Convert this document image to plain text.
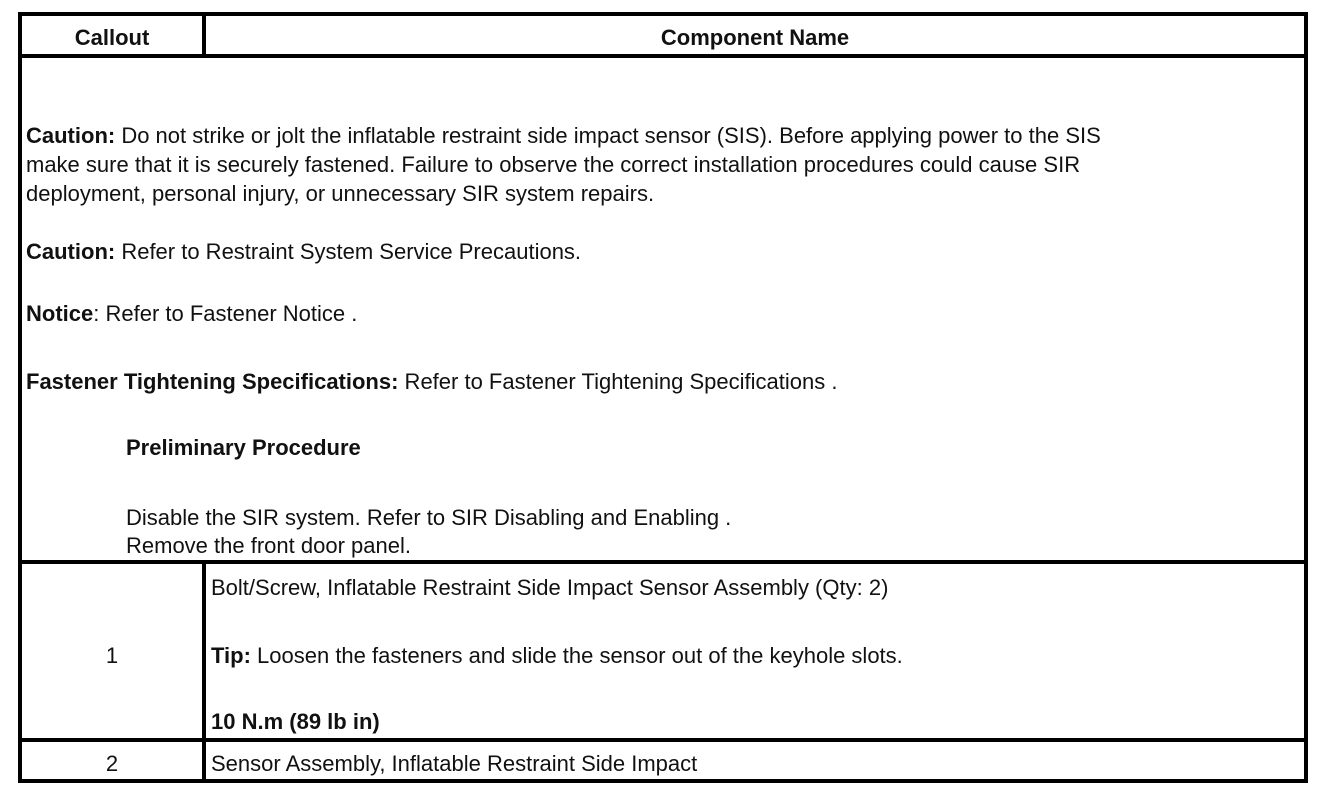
Callout	Component Name
Caution: Do not strike or jolt the inflatable restraint side impact sensor (SIS). Before applying power to the SIS
make sure that it is securely fastened. Failure to observe the correct installation procedures could cause SIR
deployment, personal injury, or unnecessary SIR system repairs.
Caution: Refer to Restraint System Service Precautions.
Notice: Refer to Fastener Notice .
Fastener Tightening Specifications: Refer to Fastener Tightening Specifications .
Preliminary Procedure
Disable the SIR system. Refer to SIR Disabling and Enabling .
Remove the front door panel.
1
Bolt/Screw, Inflatable Restraint Side Impact Sensor Assembly (Qty: 2)
Tip: Loosen the fasteners and slide the sensor out of the keyhole slots.
10 N.m (89 lb in)
2	Sensor Assembly, Inflatable Restraint Side Impact
